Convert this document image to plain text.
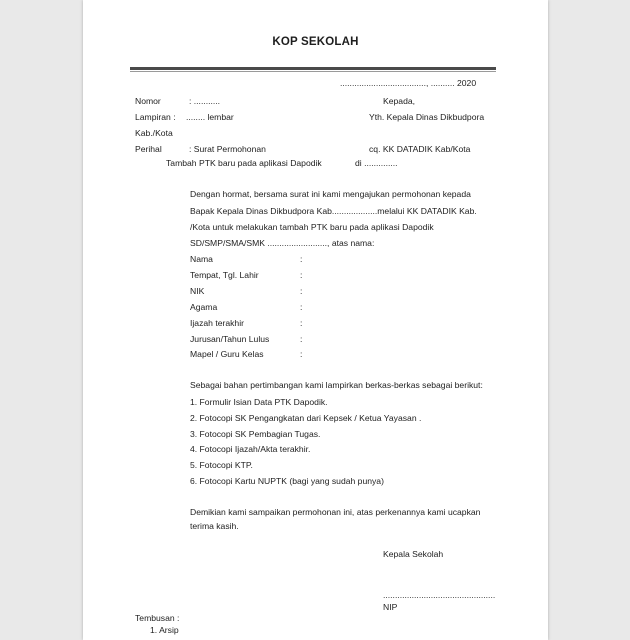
KOP SEKOLAH
...................................., .......... 2020
Nomor	: ...........
Lampiran : ........ lembar
Kab./Kota
Perihal	: Surat Permohonan
Tambah PTK baru pada aplikasi Dapodik
Kepada,
Yth. Kepala Dinas Dikbudpora
cq. KK DATADIK Kab/Kota
di ..............
Dengan hormat, bersama surat ini kami mengajukan permohonan kepada
Bapak Kepala Dinas Dikbudpora Kab...................melalui KK DATADIK Kab.
/Kota untuk melakukan tambah PTK baru pada aplikasi Dapodik
SD/SMP/SMA/SMK ........................., atas nama:
Nama	:
Tempat, Tgl. Lahir	:
NIK	:
Agama	:
Ijazah terakhir	:
Jurusan/Tahun Lulus	:
Mapel / Guru Kelas	:
Sebagai bahan pertimbangan kami lampirkan berkas-berkas sebagai berikut:
1. Formulir Isian Data PTK Dapodik.
2. Fotocopi SK Pengangkatan dari Kepsek / Ketua Yayasan .
3. Fotocopi SK Pembagian Tugas.
4. Fotocopi Ijazah/Akta terakhir.
5. Fotocopi KTP.
6. Fotocopi Kartu NUPTK (bagi yang sudah punya)
Demikian kami sampaikan permohonan ini, atas perkenannya kami ucapkan
terima kasih.
Kepala Sekolah
...............................................
NIP
Tembusan :
1. Arsip
